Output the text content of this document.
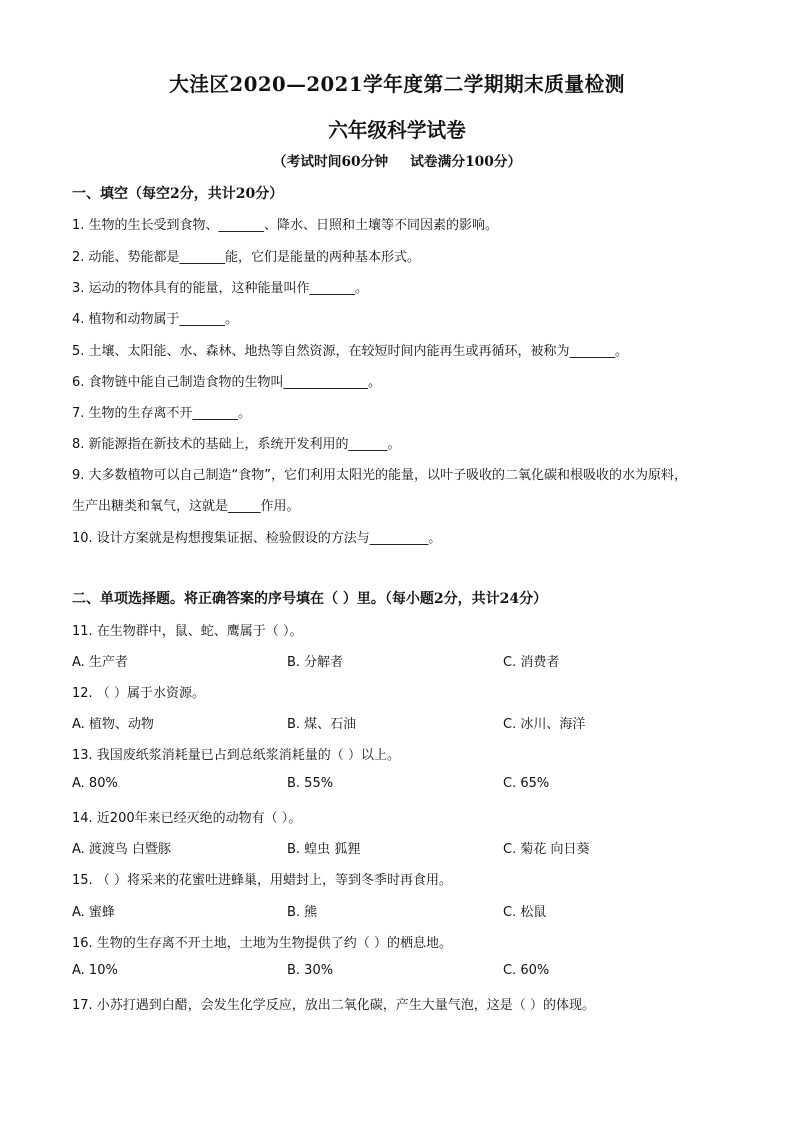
大洼区2020—2021学年度第二学期期末质量检测
六年级科学试卷
（考试时间60分钟 试卷满分100分）
一、填空（每空2分，共计20分）
1. 生物的生长受到食物、_______、降水、日照和土壤等不同因素的影响。
2. 动能、势能都是_______能，它们是能量的两种基本形式。
3. 运动的物体具有的能量，这种能量叫作_______。
4. 植物和动物属于_______。
5. 土壤、太阳能、水、森林、地热等自然资源，在较短时间内能再生或再循环，被称为_______。
6. 食物链中能自己制造食物的生物叫_____________。
7. 生物的生存离不开_______。
8. 新能源指在新技术的基础上，系统开发利用的______。
9. 大多数植物可以自己制造“食物”，它们利用太阳光的能量，以叶子吸收的二氧化碳和根吸收的水为原料，
生产出糖类和氧气，这就是_____作用。
10. 设计方案就是构想搜集证据、检验假设的方法与_________。
二、单项选择题。将正确答案的序号填在（ ）里。（每小题2分，共计24分）
11. 在生物群中，鼠、蛇、鹰属于（ ）。
A. 生产者	B. 分解者	C. 消费者
12. （ ）属于水资源。
A. 植物、动物	B. 煤、石油	C. 冰川、海洋
13. 我国废纸浆消耗量已占到总纸浆消耗量的（ ）以上。
A. 80%	B. 55%	C. 65%
14. 近200年来已经灭绝的动物有（ ）。
A. 渡渡鸟 白暨豚	B. 蝗虫 狐狸	C. 菊花 向日葵
15. （ ）将采来的花蜜吐进蜂巢，用蜡封上，等到冬季时再食用。
A. 蜜蜂	B. 熊	C. 松鼠
16. 生物的生存离不开土地，土地为生物提供了约（ ）的栖息地。
A. 10%	B. 30%	C. 60%
17. 小苏打遇到白醋，会发生化学反应，放出二氧化碳，产生大量气泡，这是（ ）的体现。
